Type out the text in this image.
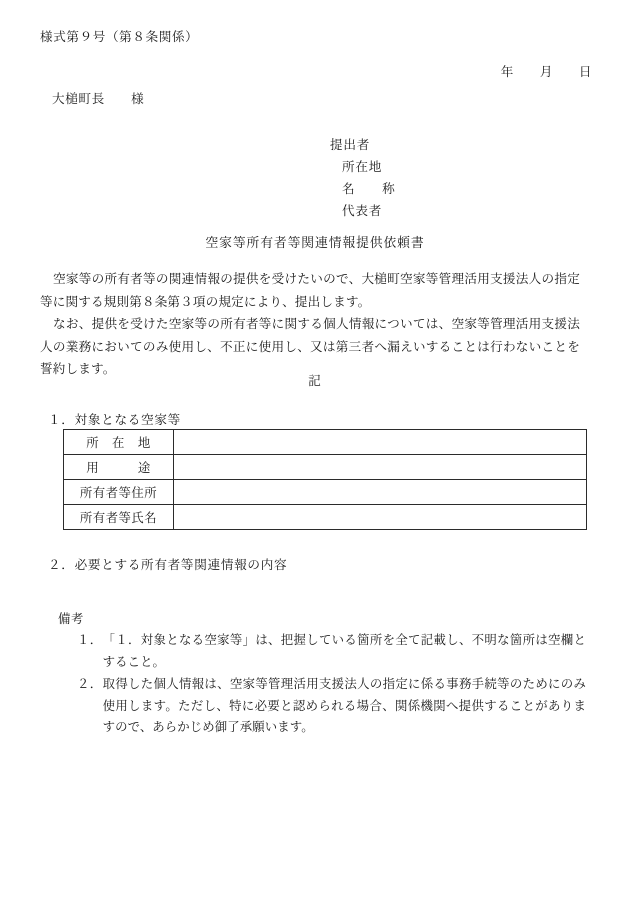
様式第９号（第８条関係）

年 月 日

大槌町長　　様
提出者
所在地
名　　称
代表者
空家等所有者等関連情報提供依頼書

空家等の所有者等の関連情報の提供を受けたいので、大槌町空家等管理活用支援法人の指定等に関する規則第８条第３項の規定により、提出します。

なお、提供を受けた空家等の所有者等に関する個人情報については、空家等管理活用支援法人の業務においてのみ使用し、不正に使用し、又は第三者へ漏えいすることは行わないことを誓約します。

記
１．対象となる空家等
所　在　地	
用　　　途	
所有者等住所	
所有者等氏名	
２．必要とする所有者等関連情報の内容
備考
１． 「１．対象となる空家等」は、把握している箇所を全て記載し、不明な箇所は空欄とすること。
２． 取得した個人情報は、空家等管理活用支援法人の指定に係る事務手続等のためにのみ使用します。ただし、特に必要と認められる場合、関係機関へ提供することがありますので、あらかじめ御了承願います。
